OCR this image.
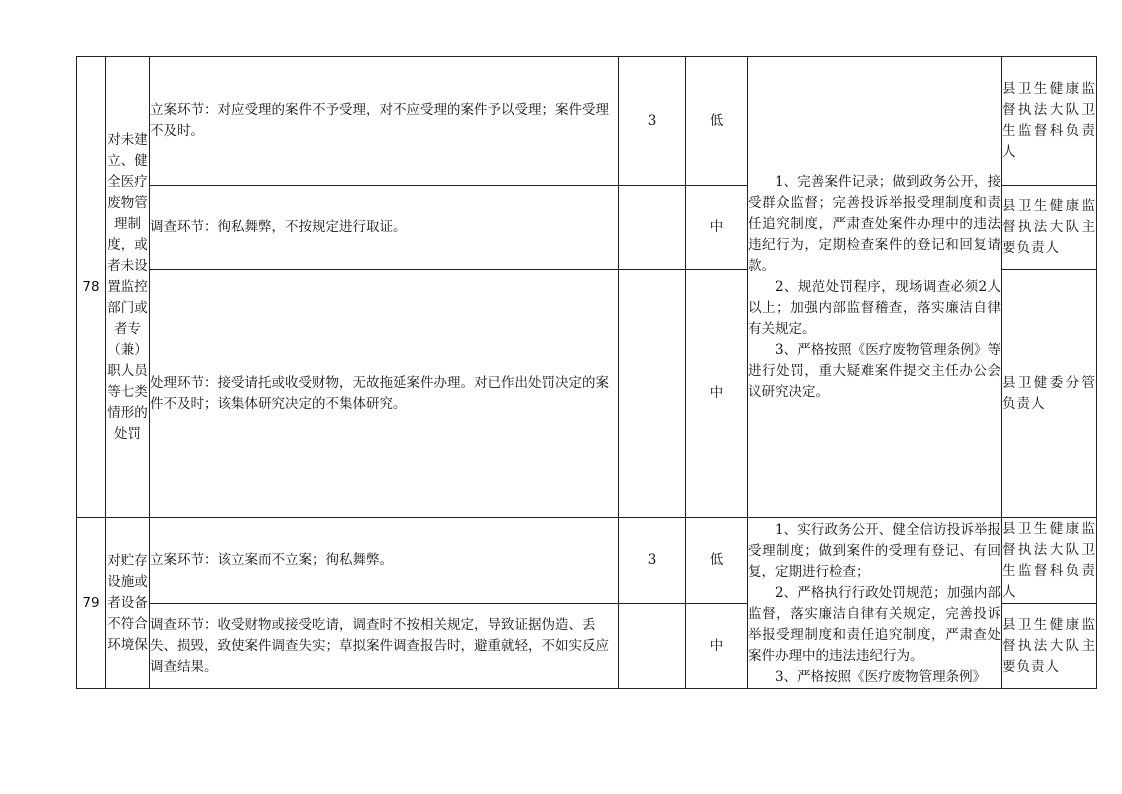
78	对未建立、健全医疗废物管理制度，或者未设置监控部门或者专（兼）职人员等七类情形的处罚	立案环节：对应受理的案件不予受理，对不应受理的案件予以受理；案件受理不及时。	3	低	1、完善案件记录；做到政务公开，接受群众监督；完善投诉举报受理制度和责任追究制度，严肃查处案件办理中的违法违纪行为，定期检查案件的登记和回复请款。

2、规范处罚程序，现场调查必须2人以上；加强内部监督稽查，落实廉洁自律有关规定。

3、严格按照《医疗废物管理条例》等进行处罚，重大疑难案件提交主任办公会议研究决定。	县卫生健康监督执法大队卫生监督科负责人
		调查环节：徇私舞弊，不按规定进行取证。		中		县卫生健康监督执法大队主要负责人
		处理环节：接受请托或收受财物，无故拖延案件办理。对已作出处罚决定的案件不及时；该集体研究决定的不集体研究。		中		县卫健委分管负责人
79	对贮存设施或者设备不符合环境保	立案环节：该立案而不立案；徇私舞弊。	3	低	1、实行政务公开、健全信访投诉举报受理制度；做到案件的受理有登记、有回复，定期进行检查；

2、严格执行行政处罚规范；加强内部监督，落实廉洁自律有关规定，完善投诉举报受理制度和责任追究制度，严肃查处案件办理中的违法违纪行为。

3、严格按照《医疗废物管理条例》	县卫生健康监督执法大队卫生监督科负责人
		调查环节：收受财物或接受吃请，调查时不按相关规定，导致证据伪造、丢失、损毁，致使案件调查失实；草拟案件调查报告时，避重就轻，不如实反应调查结果。		中		县卫生健康监督执法大队主要负责人
